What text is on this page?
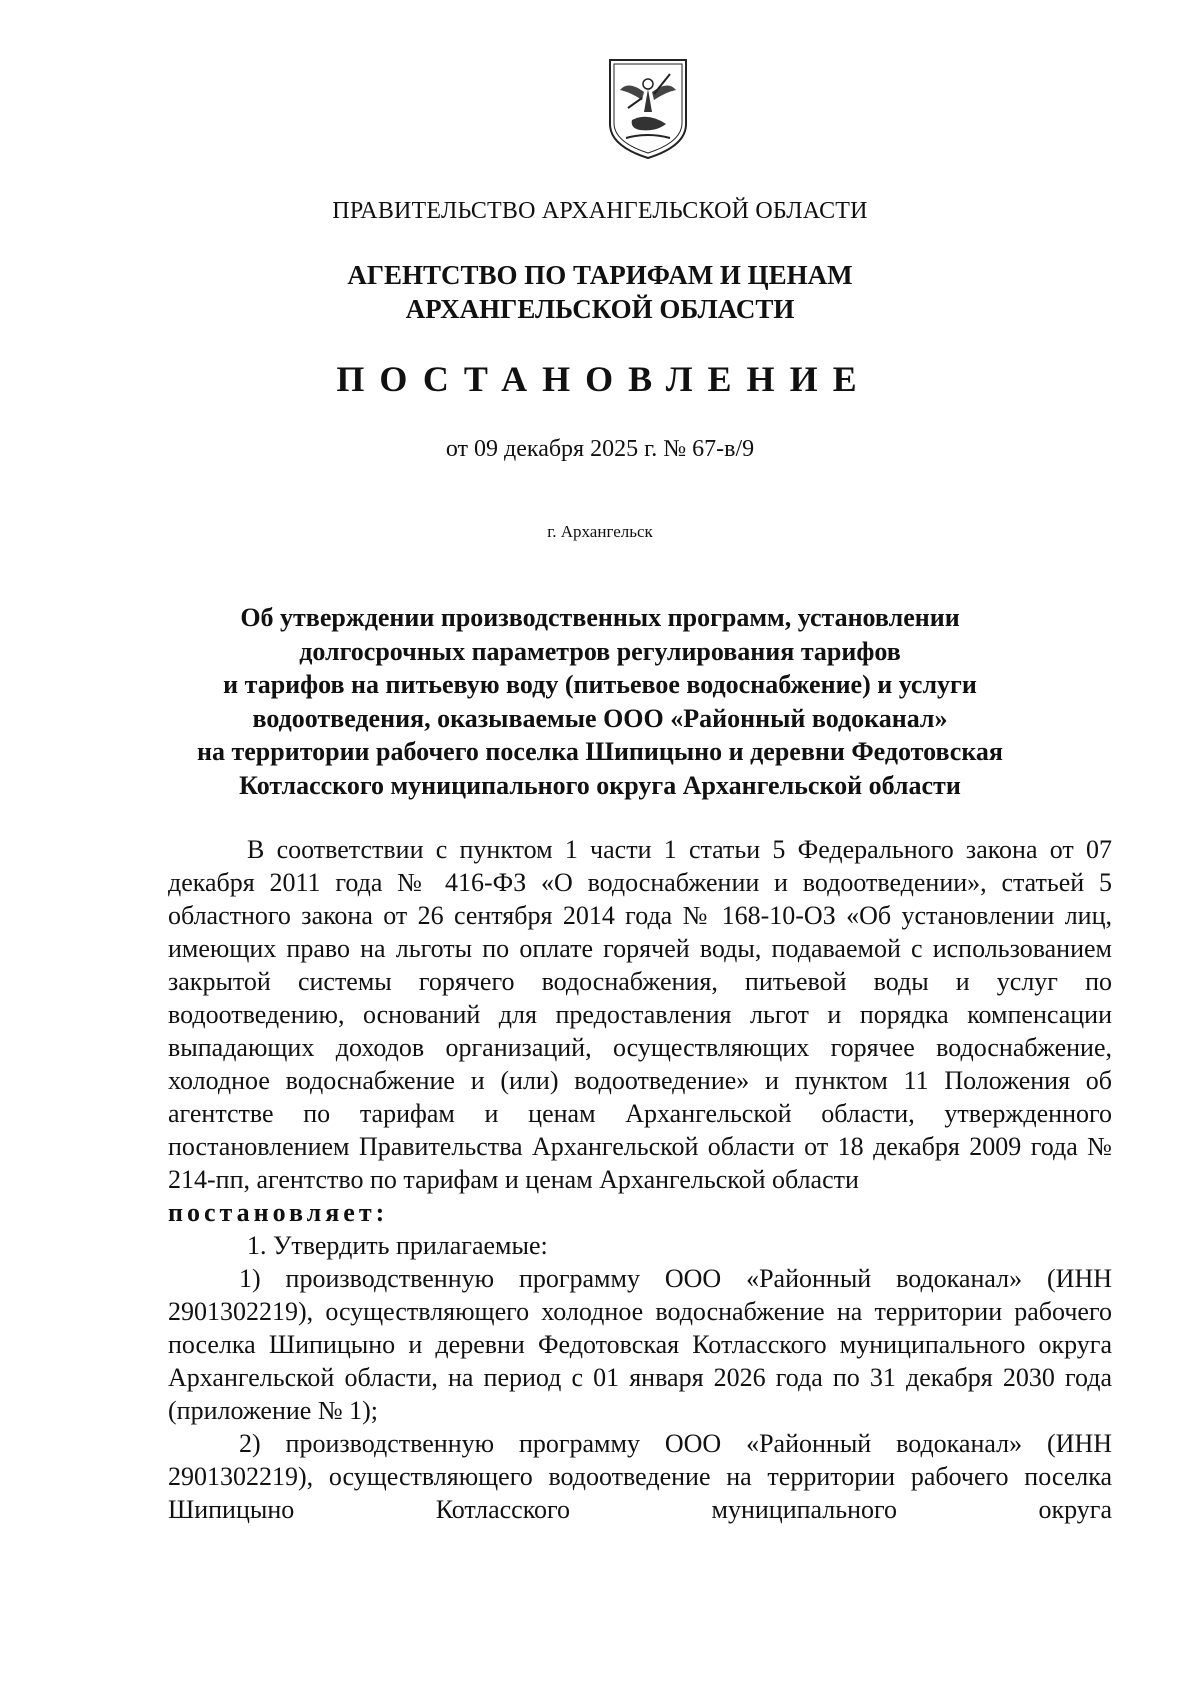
ПРАВИТЕЛЬСТВО АРХАНГЕЛЬСКОЙ ОБЛАСТИ
АГЕНТСТВО ПО ТАРИФАМ И ЦЕНАМ
АРХАНГЕЛЬСКОЙ ОБЛАСТИ
ПОСТАНОВЛЕНИЕ
от 09 декабря 2025 г. № 67-в/9
г. Архангельск
Об утверждении производственных программ, установлении
долгосрочных параметров регулирования тарифов
и тарифов на питьевую воду (питьевое водоснабжение) и услуги
водоотведения, оказываемые ООО «Районный водоканал»
на территории рабочего поселка Шипицыно и деревни Федотовская
Котласского муниципального округа Архангельской области

В соответствии с пунктом 1 части 1 статьи 5 Федерального закона от 07 декабря 2011 года № 416-ФЗ «О водоснабжении и водоотведении», статьей 5 областного закона от 26 сентября 2014 года № 168-10-ОЗ «Об установлении лиц, имеющих право на льготы по оплате горячей воды, подаваемой с использованием закрытой системы горячего водоснабжения, питьевой воды и услуг по водоотведению, оснований для предоставления льгот и порядка компенсации выпадающих доходов организаций, осуществляющих горячее водоснабжение, холодное водоснабжение и (или) водоотведение» и пунктом 11 Положения об агентстве по тарифам и ценам Архангельской области, утвержденного постановлением Правительства Архангельской области от 18 декабря 2009 года № 214-пп, агентство по тарифам и ценам Архангельской области

постановляет:

1. Утвердить прилагаемые:

1) производственную программу ООО «Районный водоканал» (ИНН 2901302219), осуществляющего холодное водоснабжение на территории рабочего поселка Шипицыно и деревни Федотовская Котласского муниципального округа Архангельской области, на период с 01 января 2026 года по 31 декабря 2030 года (приложение № 1);

2) производственную программу ООО «Районный водоканал» (ИНН 2901302219), осуществляющего водоотведение на территории рабочего поселка Шипицыно Котласского муниципального округа
